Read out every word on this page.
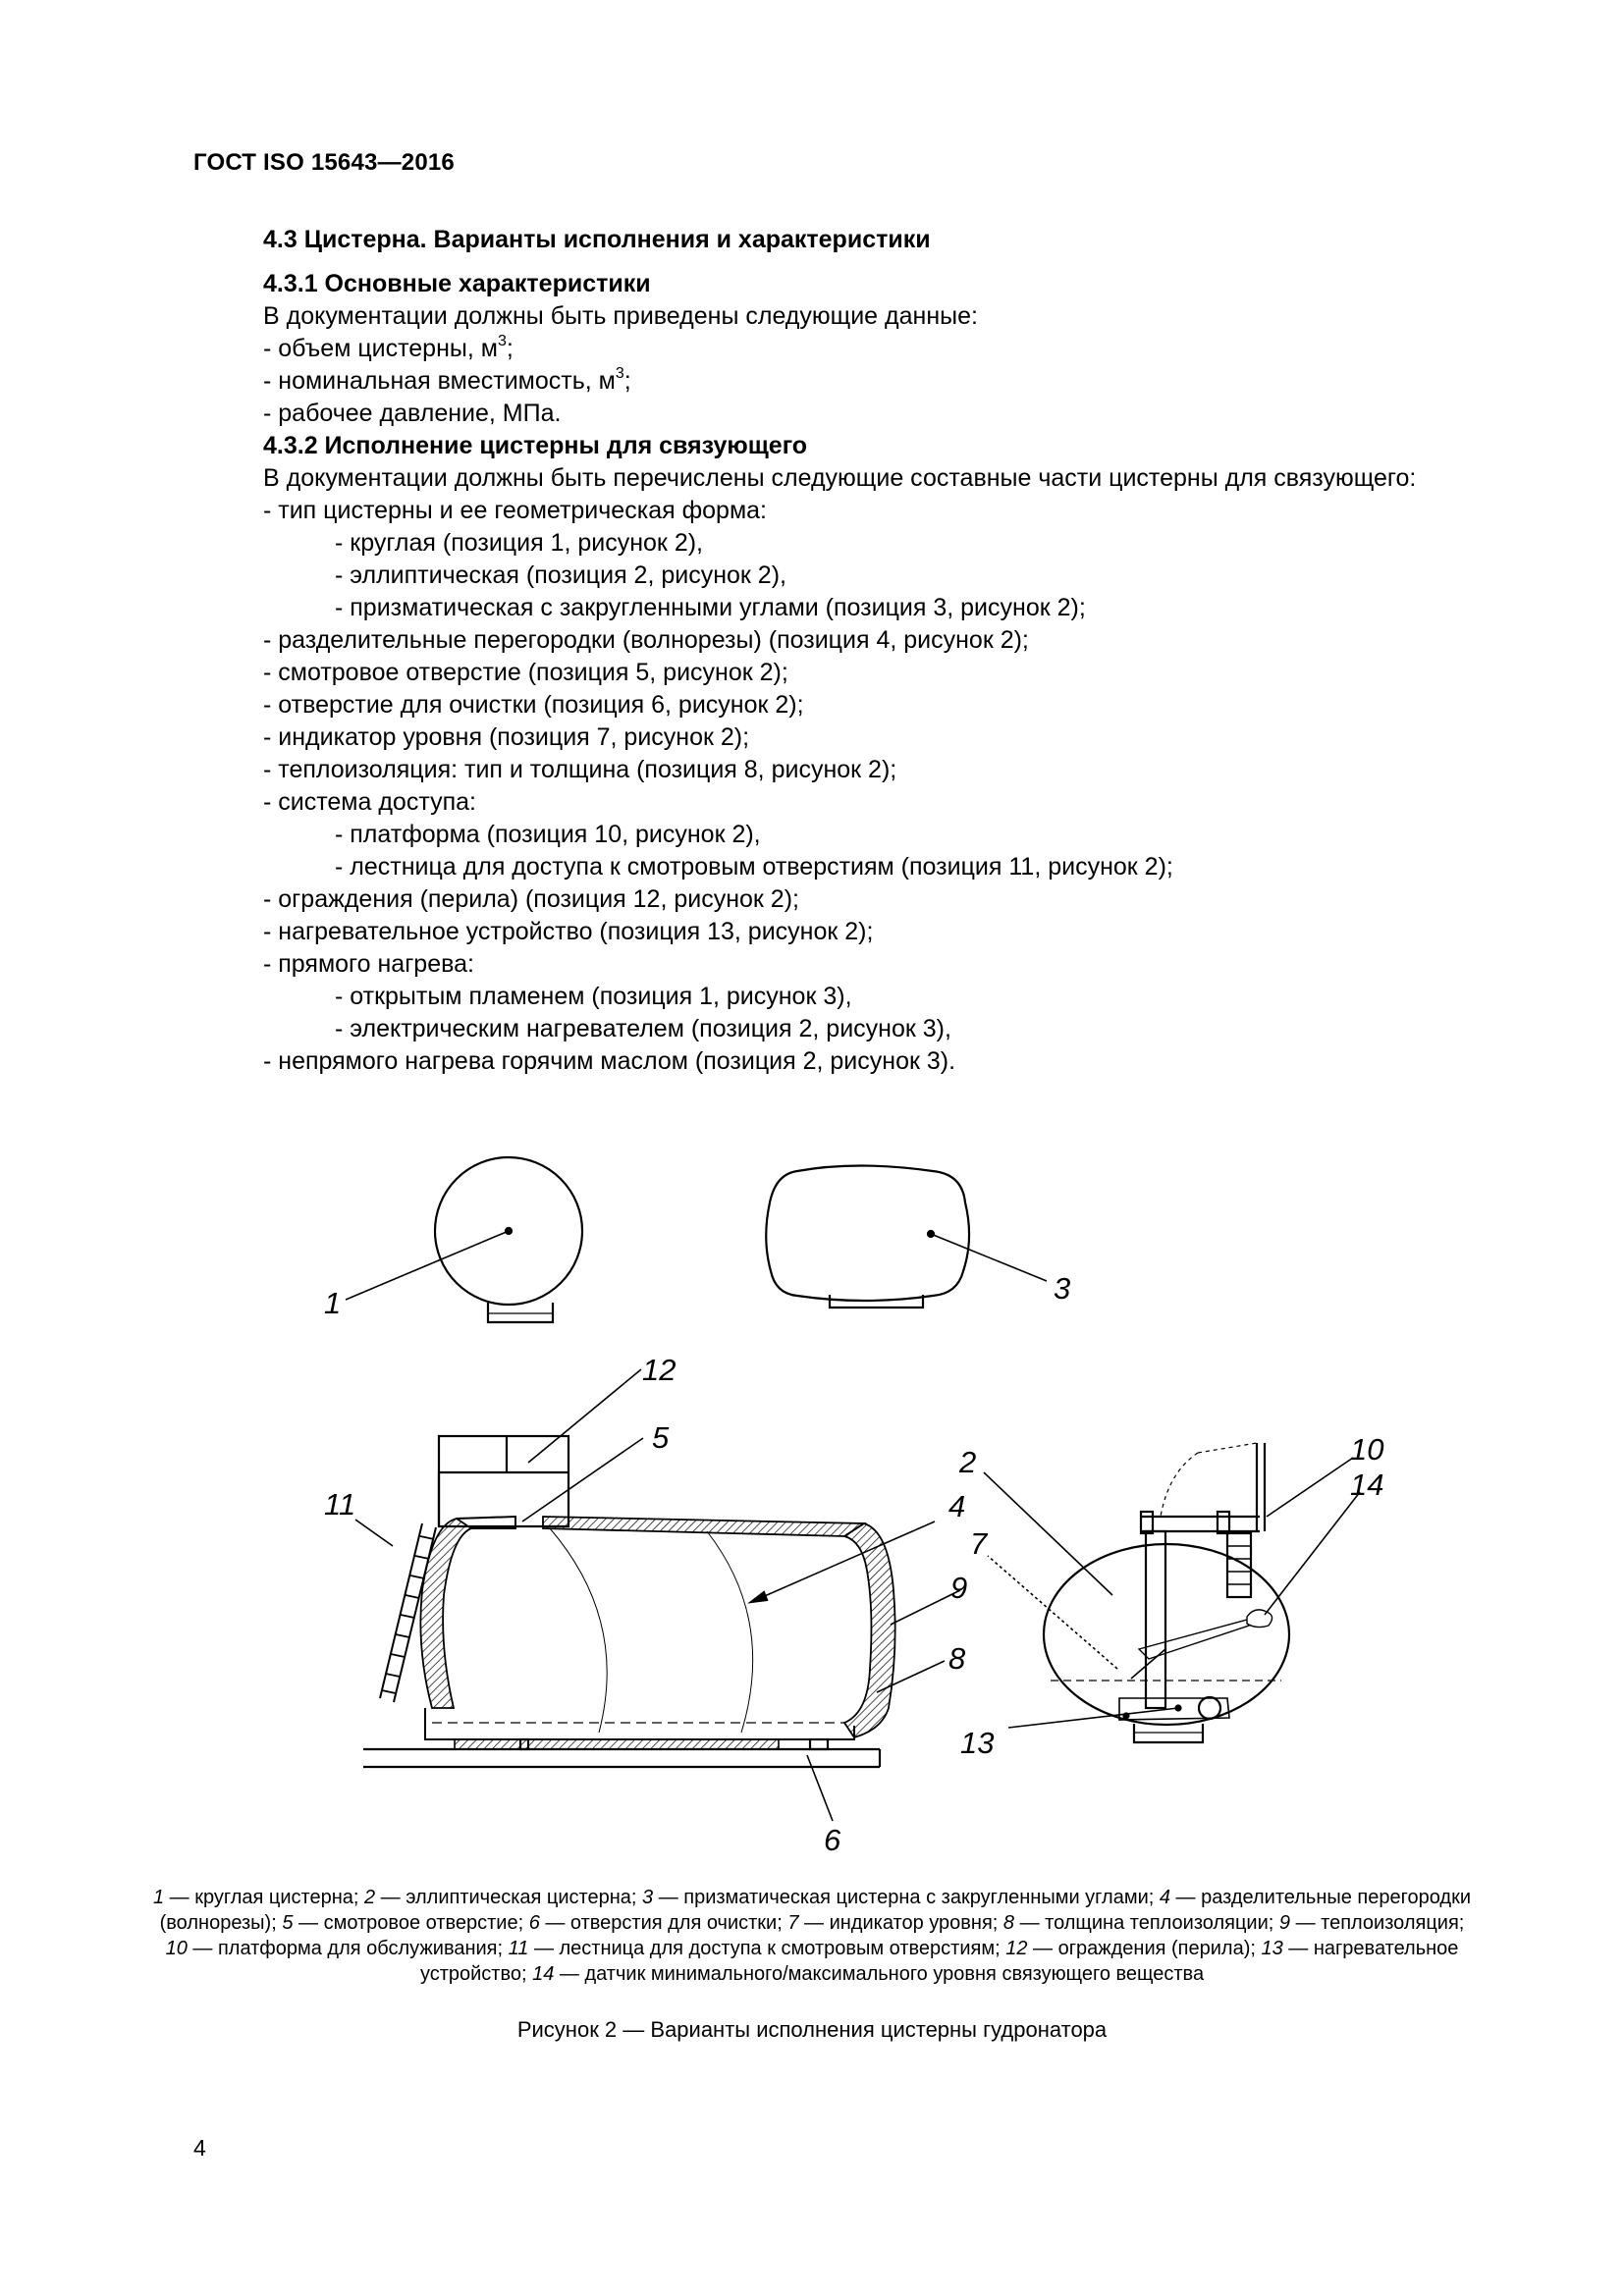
ГОСТ ISO 15643—2016
4.3 Цистерна. Варианты исполнения и характеристики
4.3.1 Основные характеристики
В документации должны быть приведены следующие данные:
- объем цистерны, $м^3$;
- номинальная вместимость, $м^3$;
- рабочее давление, МПа.
4.3.2 Исполнение цистерны для связующего
В документации должны быть перечислены следующие составные части цистерны для связующего:
- тип цистерны и ее геометрическая форма:
- круглая (позиция 1, рисунок 2),
- эллиптическая (позиция 2, рисунок 2),
- призматическая с закругленными углами (позиция 3, рисунок 2);
- разделительные перегородки (волнорезы) (позиция 4, рисунок 2);
- смотровое отверстие (позиция 5, рисунок 2);
- отверстие для очистки (позиция 6, рисунок 2);
- индикатор уровня (позиция 7, рисунок 2);
- теплоизоляция: тип и толщина (позиция 8, рисунок 2);
- система доступа:
- платформа (позиция 10, рисунок 2),
- лестница для доступа к смотровым отверстиям (позиция 11, рисунок 2);
- ограждения (перила) (позиция 12, рисунок 2);
- нагревательное устройство (позиция 13, рисунок 2);
- прямого нагрева:
- открытым пламенем (позиция 1, рисунок 3),
- электрическим нагревателем (позиция 2, рисунок 3),
- непрямого нагрева горячим маслом (позиция 2, рисунок 3).
1	3
12
5
11	4
9
8
6
2
7
10
14
13
1 — круглая цистерна; 2 — эллиптическая цистерна; 3 — призматическая цистерна с закругленными углами; 4 — разделительные перегородки (волнорезы); 5 — смотровое отверстие; 6 — отверстия для очистки; 7 — индикатор уровня; 8 — толщина теплоизоляции; 9 — теплоизоляция; 10 — платформа для обслуживания; 11 — лестница для доступа к смотровым отверстиям; 12 — ограждения (перила); 13 — нагревательное устройство; 14 — датчик минимального/максимального уровня связующего вещества
Рисунок 2 — Варианты исполнения цистерны гудронатора
4
